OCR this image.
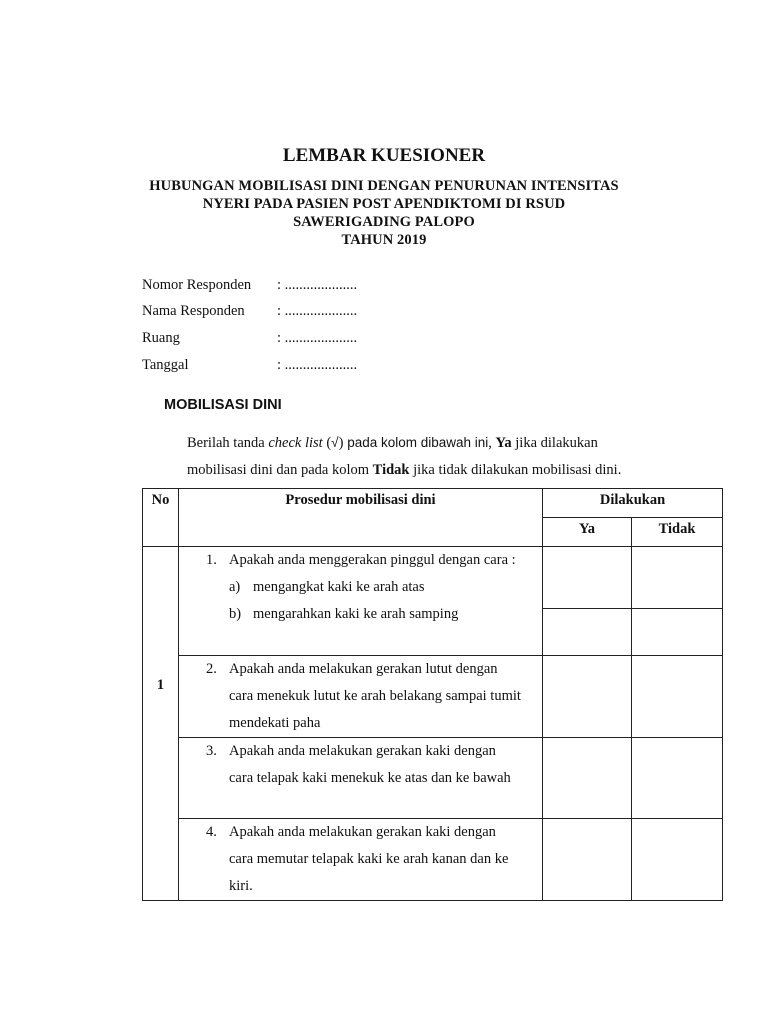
LEMBAR KUESIONER
HUBUNGAN MOBILISASI DINI DENGAN PENURUNAN INTENSITAS
NYERI PADA PASIEN POST APENDIKTOMI DI RSUD
SAWERIGADING PALOPO
TAHUN 2019
Nomor Responden : ....................
Nama Responden : ....................
Ruang	: ....................
Tanggal	: ....................
MOBILISASI DINI
Berilah tanda check list (√) pada kolom dibawah ini, Ya jika dilakukan
mobilisasi dini dan pada kolom Tidak jika tidak dilakukan mobilisasi dini.
No	Prosedur mobilisasi dini	Dilakukan	

		Ya	Tidak

1	1. Apakah anda menggerakan pinggul dengan cara :
a) mengangkat kaki ke arah atas
b) mengarahkan kaki ke arah samping		

	2. Apakah anda melakukan gerakan lutut dengan
cara menekuk lutut ke arah belakang sampai tumit
mendekati paha		

	3. Apakah anda melakukan gerakan kaki dengan
cara telapak kaki menekuk ke atas dan ke bawah		

	4. Apakah anda melakukan gerakan kaki dengan
cara memutar telapak kaki ke arah kanan dan ke
kiri.		
